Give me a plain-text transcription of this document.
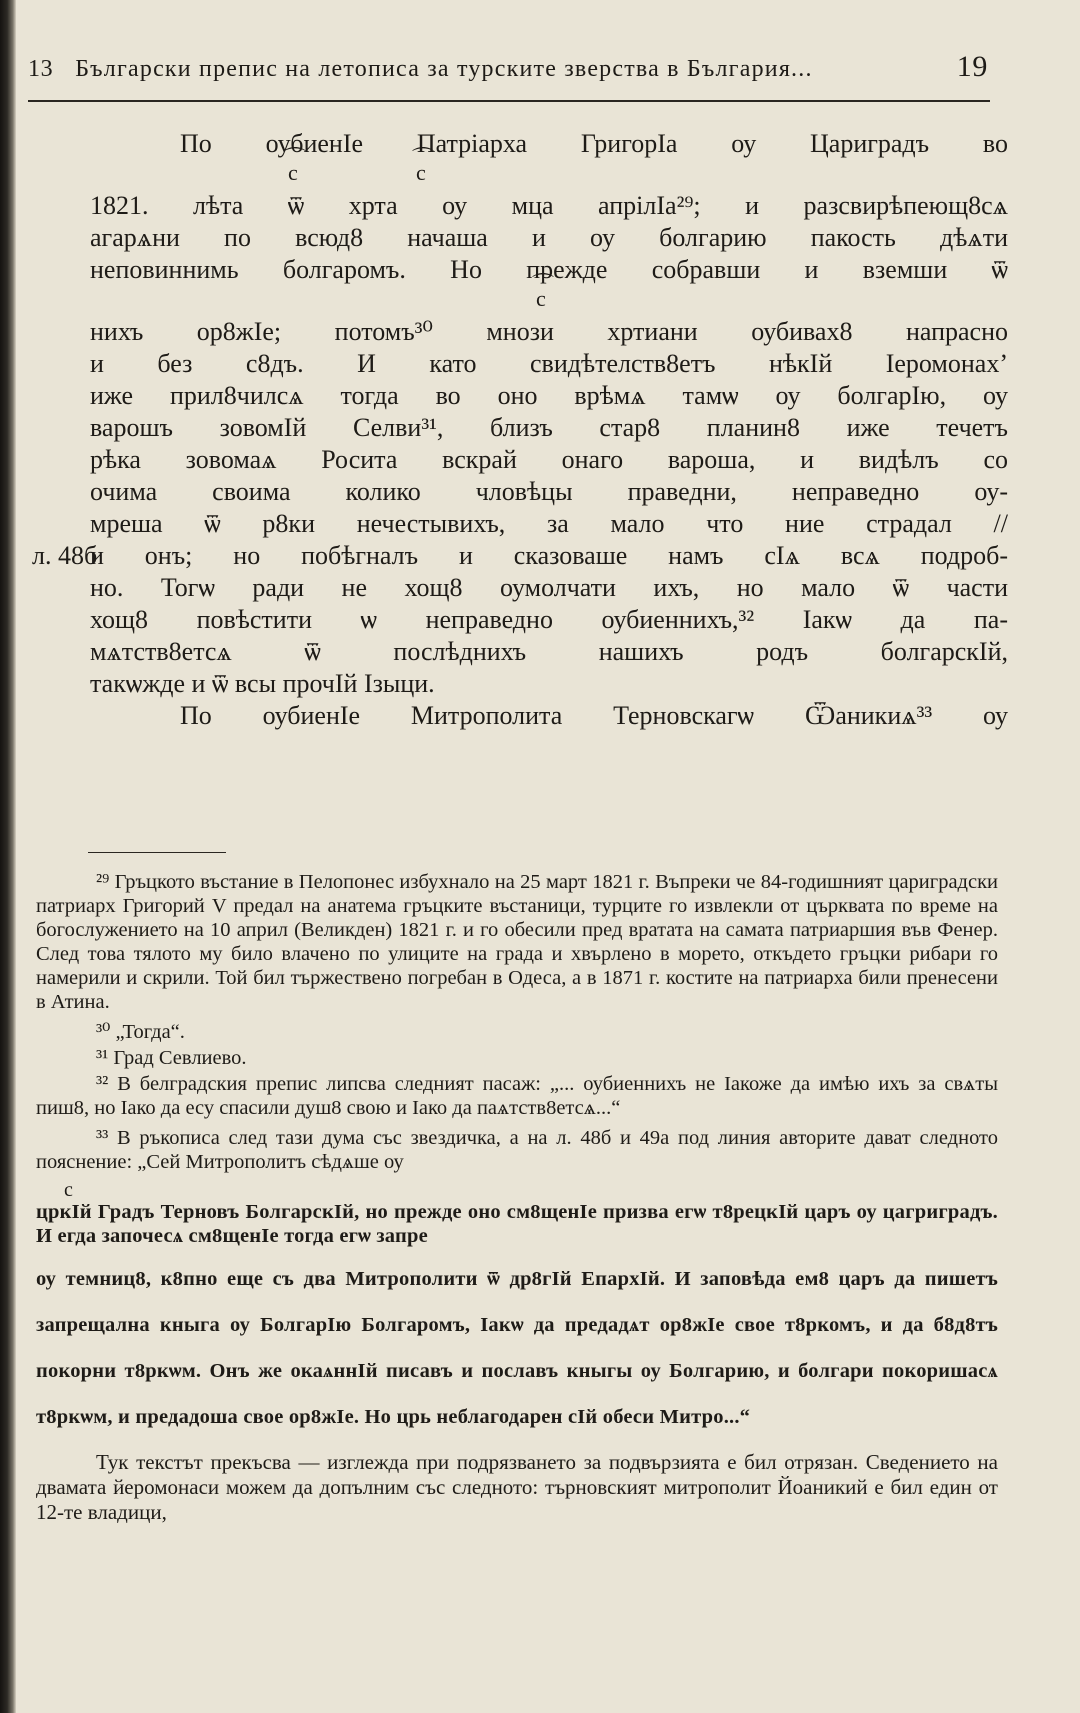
13 Български препис на летописа за турските зверства в България...	19

По оубиенІе Патріарха ГригорІа оу Цариградъ во

⌒ с
⌒	с

1821. лѣта ѿ хрта оу мца апрілІа²⁹; и разсвирѣпеющ8сѧ

агарѧни по всюд8 начаша и оу болгарию пакость дѣѧти

неповиннимь болгаромъ. Но прежде собравши и вземши ѿ

⌒ с

нихъ ор8жІе; потомъ³⁰ мнози хртиани оубивах8 напрасно

и без с8дъ. И като свидѣтелств8етъ нѣкІй Іеромонахʼ

иже прил8чилсѧ тогда во оно врѣмѧ тамѡ оу болгарІю, оу

варошъ зовомІй Селви³¹, близъ стар8 планин8 иже течетъ

рѣка зовомаѧ Росита вскрай онаго вароша, и видѣлъ со

очима своима колико чловѣцы праведни, неправедно оу-

мреша ѿ р8ки нечестывихъ, за мало что ние страдал //

л. 48б
и онъ; но побѣгналъ и сказоваше намъ сІѧ всѧ подроб-

но. Тогѡ ради не хощ8 оумолчати ихъ, но мало ѿ части

хощ8 повѣстити ѡ неправедно оубиеннихъ,³² Іакѡ да па-

мѧтств8етсѧ ѿ послѣднихъ нашихъ родъ болгарскІй,

такѡжде и ѿ всы прочІй Ізыци.

По оубиенІе Митрополита Терновскагѡ Ѿаникиѧ³³ оу

²⁹ Гръцкото въстание в Пелопонес избухнало на 25 март 1821 г. Въпреки че 84-годишният цариградски патриарх Григорий V предал на анатема гръцките въстаници, турците го извлекли от църквата по време на богослужението на 10 април (Великден) 1821 г. и го обесили пред вратата на самата патриаршия във Фенер. След това тялото му било влачено по улиците на града и хвърлено в морето, откъдето гръцки рибари го намерили и скрили. Той бил тържествено погребан в Одеса, а в 1871 г. костите на патриарха били пренесени в Атина.

³⁰ „Тогда“.

³¹ Град Севлиево.

³² В белградския препис липсва следният пасаж: „... оубиеннихъ не Іакоже да имѣю ихъ за свѧты пиш8, но Іако да есу спасили душ8 свою и Іако да паѧтств8етсѧ...“

³³ В ръкописа след тази дума със звездичка, а на л. 48б и 49а под линия авторите дават следното пояснение: „Сей Митрополитъ сѣдѧше оу

с

цркІй Градъ Терновъ БолгарскІй, но прежде оно см8щенІе призва егѡ т8рецкІй царъ оу цагриградъ. И егда започесѧ см8щенІе тогда егѡ запре

оу темниц8, к8пно еще съ два Митрополити ѿ др8гІй ЕпархІй. И заповѣда ем8 царъ да пишетъ запрещална кныга оу БолгарІю Болгаромъ, Іакѡ да предадѧт ор8жІе свое т8ркомъ, и да б8д8тъ покорни т8ркѡм. Онъ же окаѧннІй писавъ и пославъ кныгы оу Болгарию, и болгари покоришасѧ т8ркѡм, и предадоша свое ор8жІе. Но црь неблагодарен сІй обеси Митро...“

Тук текстът прекъсва — изглежда при подрязването за подвързията е бил отрязан. Сведението на двамата йеромонаси можем да допълним със следното: търновският митрополит Йоаникий е бил един от 12-те владици,
